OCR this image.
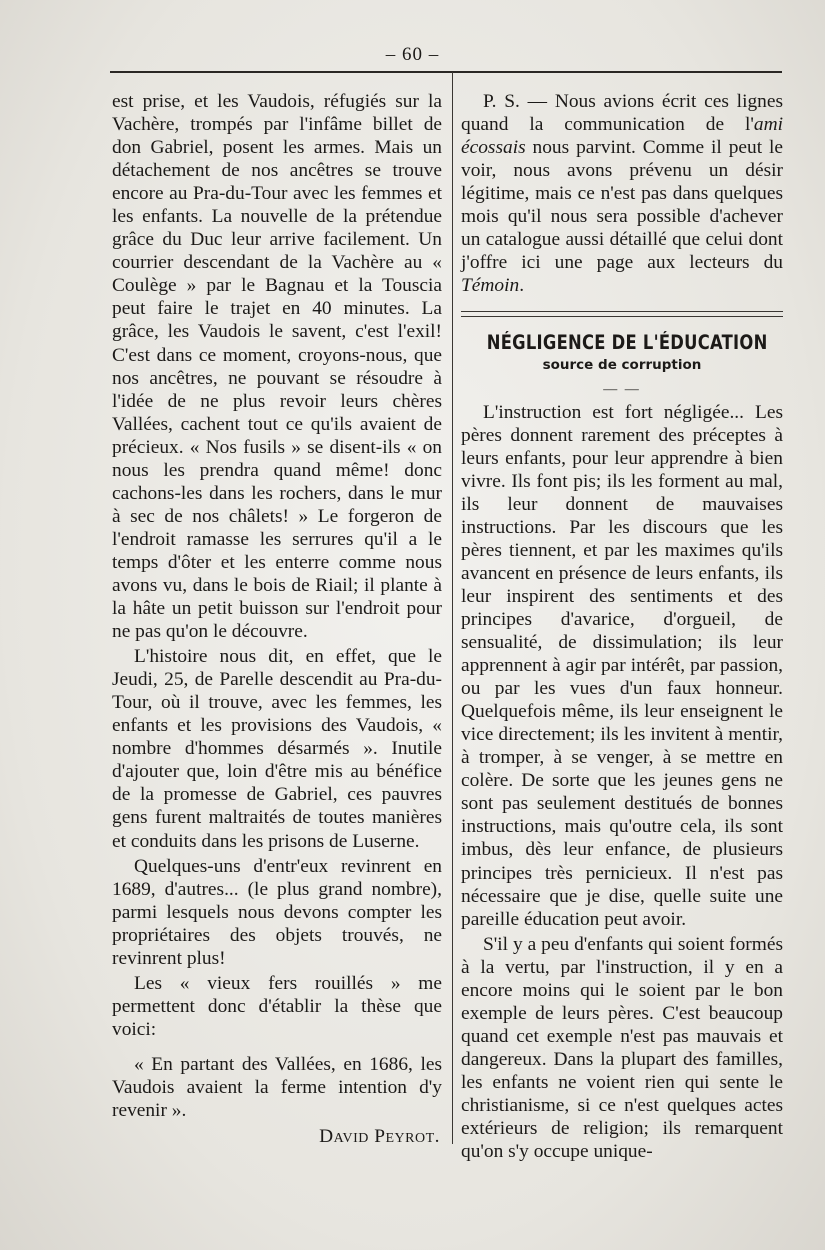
– 60 –

est prise, et les Vaudois, réfugiés sur la Vachère, trompés par l'infâme billet de don Gabriel, posent les armes. Mais un détachement de nos ancêtres se trouve encore au Pra-du-Tour avec les femmes et les enfants. La nouvelle de la prétendue grâce du Duc leur arrive facilement. Un courrier descendant de la Vachère au « Coulège » par le Bagnau et la Touscia peut faire le trajet en 40 minutes. La grâce, les Vaudois le savent, c'est l'exil! C'est dans ce moment, croyons-nous, que nos ancêtres, ne pouvant se résoudre à l'idée de ne plus revoir leurs chères Vallées, cachent tout ce qu'ils avaient de précieux. « Nos fusils » se disent-ils « on nous les prendra quand même! donc cachons-les dans les rochers, dans le mur à sec de nos châlets! » Le forgeron de l'endroit ramasse les serrures qu'il a le temps d'ôter et les enterre comme nous avons vu, dans le bois de Riail; il plante à la hâte un petit buisson sur l'endroit pour ne pas qu'on le découvre.

L'histoire nous dit, en effet, que le Jeudi, 25, de Parelle descendit au Pra-du-Tour, où il trouve, avec les femmes, les enfants et les provisions des Vaudois, « nombre d'hommes désarmés ». Inutile d'ajouter que, loin d'être mis au bénéfice de la promesse de Gabriel, ces pauvres gens furent maltraités de toutes manières et conduits dans les prisons de Luserne.

Quelques-uns d'entr'eux revinrent en 1689, d'autres... (le plus grand nombre), parmi lesquels nous devons compter les propriétaires des objets trouvés, ne revinrent plus!

Les « vieux fers rouillés » me permettent donc d'établir la thèse que voici:

« En partant des Vallées, en 1686, les Vaudois avaient la ferme intention d'y revenir ».

David Peyrot.

P. S. — Nous avions écrit ces lignes quand la communication de l'ami écossais nous parvint. Comme il peut le voir, nous avons prévenu un désir légitime, mais ce n'est pas dans quelques mois qu'il nous sera possible d'achever un catalogue aussi détaillé que celui dont j'offre ici une page aux lecteurs du Témoin.

NÉGLIGENCE DE L'ÉDUCATION

source de corruption

— —

L'instruction est fort négligée... Les pères donnent rarement des préceptes à leurs enfants, pour leur apprendre à bien vivre. Ils font pis; ils les forment au mal, ils leur donnent de mauvaises instructions. Par les discours que les pères tiennent, et par les maximes qu'ils avancent en présence de leurs enfants, ils leur inspirent des sentiments et des principes d'avarice, d'orgueil, de sensualité, de dissimulation; ils leur apprennent à agir par intérêt, par passion, ou par les vues d'un faux honneur. Quelquefois même, ils leur enseignent le vice directement; ils les invitent à mentir, à tromper, à se venger, à se mettre en colère. De sorte que les jeunes gens ne sont pas seulement destitués de bonnes instructions, mais qu'outre cela, ils sont imbus, dès leur enfance, de plusieurs principes très pernicieux. Il n'est pas nécessaire que je dise, quelle suite une pareille éducation peut avoir.

S'il y a peu d'enfants qui soient formés à la vertu, par l'instruction, il y en a encore moins qui le soient par le bon exemple de leurs pères. C'est beaucoup quand cet exemple n'est pas mauvais et dangereux. Dans la plupart des familles, les enfants ne voient rien qui sente le christianisme, si ce n'est quelques actes extérieurs de religion; ils remarquent qu'on s'y occupe unique-
